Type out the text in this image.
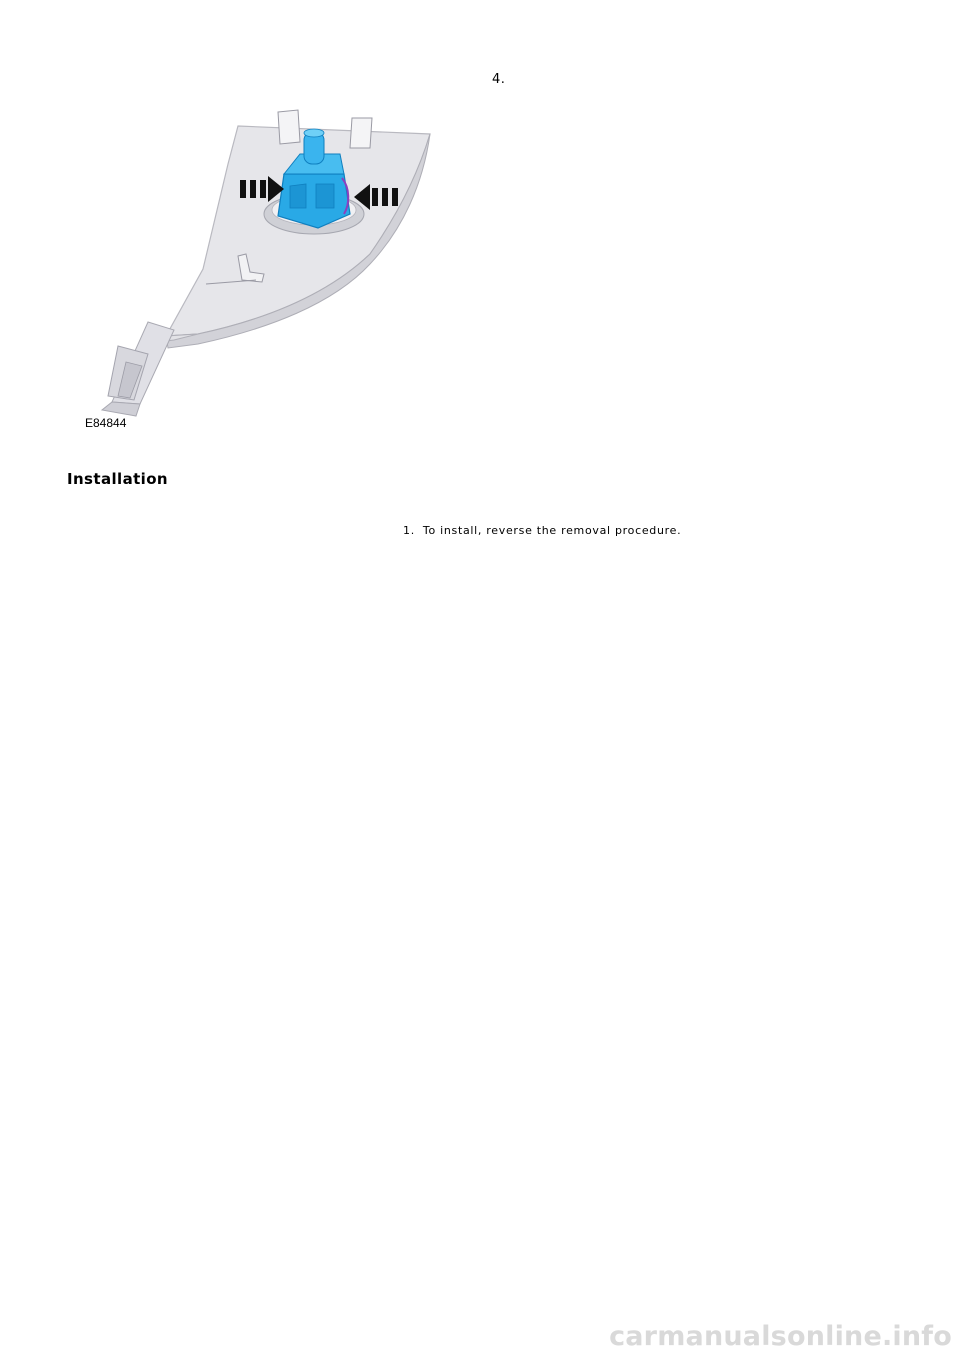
4.
E84844
Installation
1. To install, reverse the removal procedure.
carmanualsonline.info
